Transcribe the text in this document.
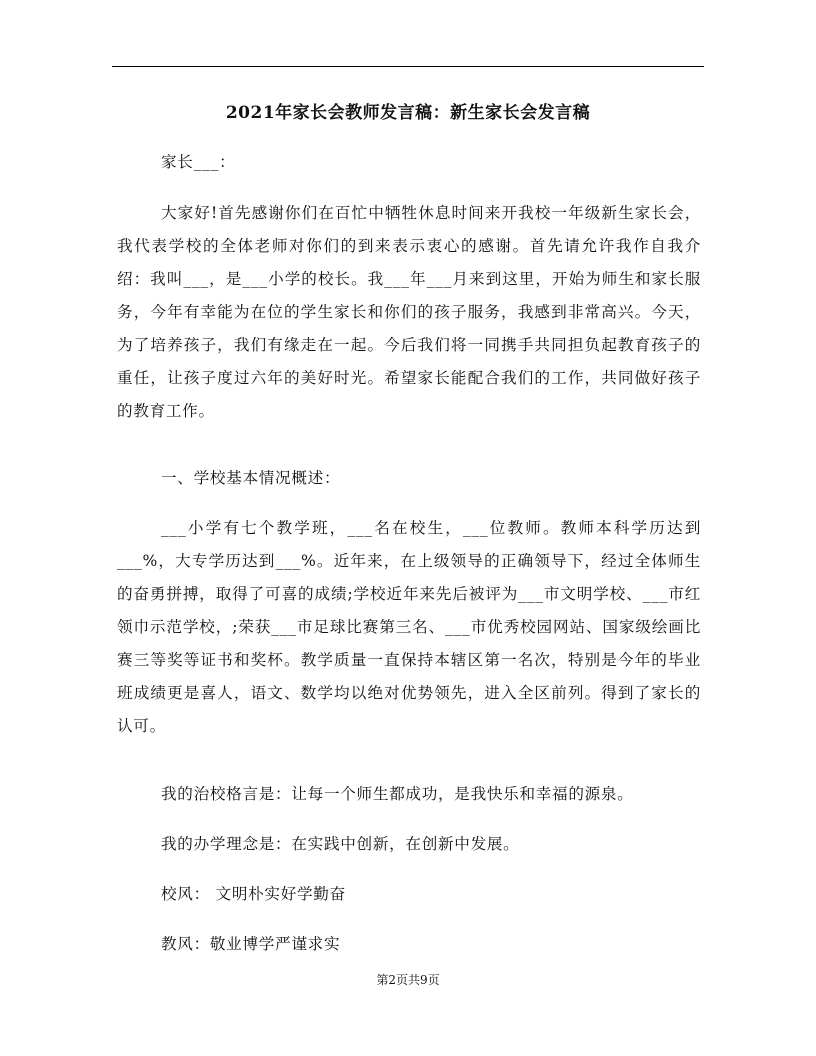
2021年家长会教师发言稿：新生家长会发言稿

家长___：

大家好!首先感谢你们在百忙中牺牲休息时间来开我校一年级新生家长会，我代表学校的全体老师对你们的到来表示衷心的感谢。首先请允许我作自我介绍：我叫___，是___小学的校长。我___年___月来到这里，开始为师生和家长服务，今年有幸能为在位的学生家长和你们的孩子服务，我感到非常高兴。今天，为了培养孩子，我们有缘走在一起。今后我们将一同携手共同担负起教育孩子的重任，让孩子度过六年的美好时光。希望家长能配合我们的工作，共同做好孩子的教育工作。

一、学校基本情况概述：

___小学有七个教学班，___名在校生，___位教师。教师本科学历达到___%，大专学历达到___%。近年来，在上级领导的正确领导下，经过全体师生的奋勇拼搏，取得了可喜的成绩;学校近年来先后被评为___市文明学校、___市红领巾示范学校，;荣获___市足球比赛第三名、___市优秀校园网站、国家级绘画比赛三等奖等证书和奖杯。教学质量一直保持本辖区第一名次，特别是今年的毕业班成绩更是喜人，语文、数学均以绝对优势领先，进入全区前列。得到了家长的认可。

我的治校格言是：让每一个师生都成功，是我快乐和幸福的源泉。

我的办学理念是：在实践中创新，在创新中发展。

校风： 文明朴实好学勤奋

教风：敬业博学严谨求实

第2页共9页
